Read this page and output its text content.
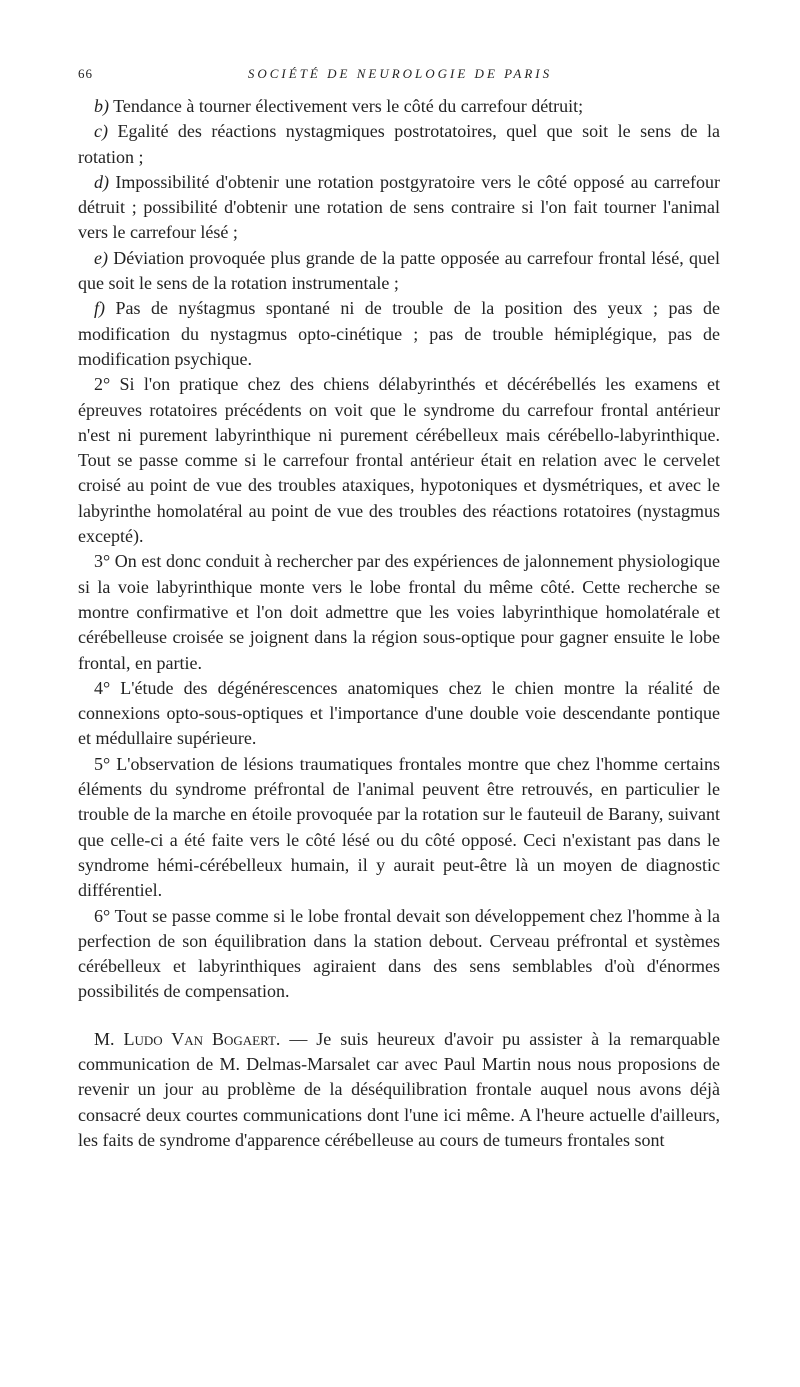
66	SOCIÉTÉ DE NEUROLOGIE DE PARIS

b) Tendance à tourner électivement vers le côté du carrefour détruit;

c) Egalité des réactions nystagmiques postrotatoires, quel que soit le sens de la rotation ;

d) Impossibilité d'obtenir une rotation postgyratoire vers le côté opposé au carrefour détruit ; possibilité d'obtenir une rotation de sens contraire si l'on fait tourner l'animal vers le carrefour lésé ;

e) Déviation provoquée plus grande de la patte opposée au carrefour frontal lésé, quel que soit le sens de la rotation instrumentale ;

f) Pas de nyśtagmus spontané ni de trouble de la position des yeux ; pas de modification du nystagmus opto-cinétique ; pas de trouble hémiplégique, pas de modification psychique.

2° Si l'on pratique chez des chiens délabyrinthés et décérébellés les examens et épreuves rotatoires précédents on voit que le syndrome du carrefour frontal antérieur n'est ni purement labyrinthique ni purement cérébelleux mais cérébello-labyrinthique. Tout se passe comme si le carrefour frontal antérieur était en relation avec le cervelet croisé au point de vue des troubles ataxiques, hypotoniques et dysmétriques, et avec le labyrinthe homolatéral au point de vue des troubles des réactions rotatoires (nystagmus excepté).

3° On est donc conduit à rechercher par des expériences de jalonnement physiologique si la voie labyrinthique monte vers le lobe frontal du même côté. Cette recherche se montre confirmative et l'on doit admettre que les voies labyrinthique homolatérale et cérébelleuse croisée se joignent dans la région sous-optique pour gagner ensuite le lobe frontal, en partie.

4° L'étude des dégénérescences anatomiques chez le chien montre la réalité de connexions opto-sous-optiques et l'importance d'une double voie descendante pontique et médullaire supérieure.

5° L'observation de lésions traumatiques frontales montre que chez l'homme certains éléments du syndrome préfrontal de l'animal peuvent être retrouvés, en particulier le trouble de la marche en étoile provoquée par la rotation sur le fauteuil de Barany, suivant que celle-ci a été faite vers le côté lésé ou du côté opposé. Ceci n'existant pas dans le syndrome hémi-cérébelleux humain, il y aurait peut-être là un moyen de diagnostic différentiel.

6° Tout se passe comme si le lobe frontal devait son développement chez l'homme à la perfection de son équilibration dans la station debout. Cerveau préfrontal et systèmes cérébelleux et labyrinthiques agiraient dans des sens semblables d'où d'énormes possibilités de compensation.

M. Ludo Van Bogaert. — Je suis heureux d'avoir pu assister à la remarquable communication de M. Delmas-Marsalet car avec Paul Martin nous nous proposions de revenir un jour au problème de la déséquilibration frontale auquel nous avons déjà consacré deux courtes communications dont l'une ici même. A l'heure actuelle d'ailleurs, les faits de syndrome d'apparence cérébelleuse au cours de tumeurs frontales sont
